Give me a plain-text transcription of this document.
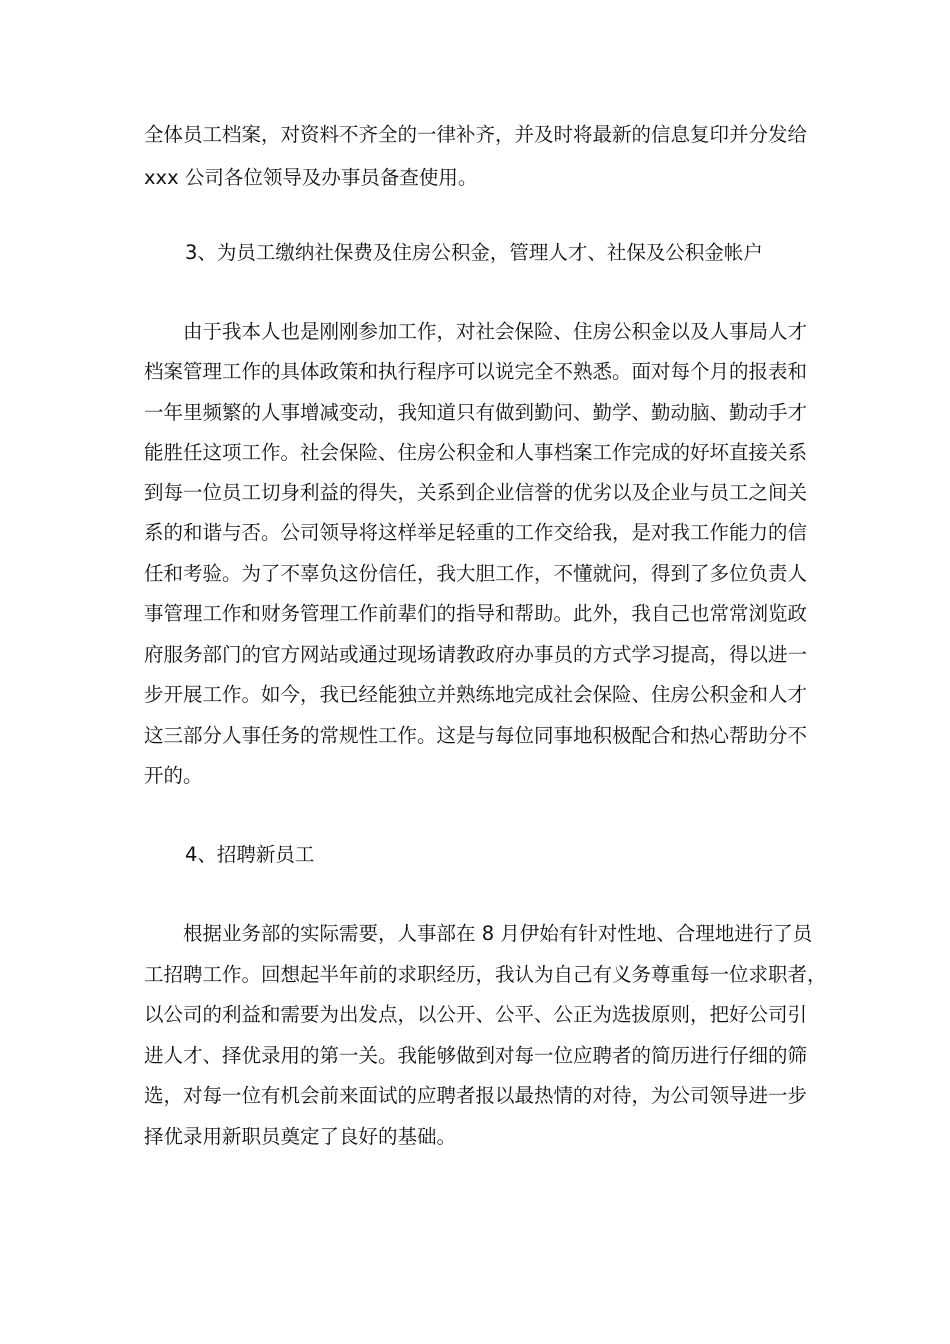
全体员工档案，对资料不齐全的一律补齐，并及时将最新的信息复印并分发给
xxx 公司各位领导及办事员备查使用。
3、为员工缴纳社保费及住房公积金，管理人才、社保及公积金帐户
由于我本人也是刚刚参加工作，对社会保险、住房公积金以及人事局人才
档案管理工作的具体政策和执行程序可以说完全不熟悉。面对每个月的报表和
一年里频繁的人事增减变动，我知道只有做到勤问、勤学、勤动脑、勤动手才
能胜任这项工作。社会保险、住房公积金和人事档案工作完成的好坏直接关系
到每一位员工切身利益的得失，关系到企业信誉的优劣以及企业与员工之间关
系的和谐与否。公司领导将这样举足轻重的工作交给我，是对我工作能力的信
任和考验。为了不辜负这份信任，我大胆工作，不懂就问，得到了多位负责人
事管理工作和财务管理工作前辈们的指导和帮助。此外，我自己也常常浏览政
府服务部门的官方网站或通过现场请教政府办事员的方式学习提高，得以进一
步开展工作。如今，我已经能独立并熟练地完成社会保险、住房公积金和人才
这三部分人事任务的常规性工作。这是与每位同事地积极配合和热心帮助分不
开的。
4、招聘新员工
根据业务部的实际需要，人事部在 8 月伊始有针对性地、合理地进行了员
工招聘工作。回想起半年前的求职经历，我认为自己有义务尊重每一位求职者，
以公司的利益和需要为出发点，以公开、公平、公正为选拔原则，把好公司引
进人才、择优录用的第一关。我能够做到对每一位应聘者的简历进行仔细的筛
选，对每一位有机会前来面试的应聘者报以最热情的对待，为公司领导进一步
择优录用新职员奠定了良好的基础。
